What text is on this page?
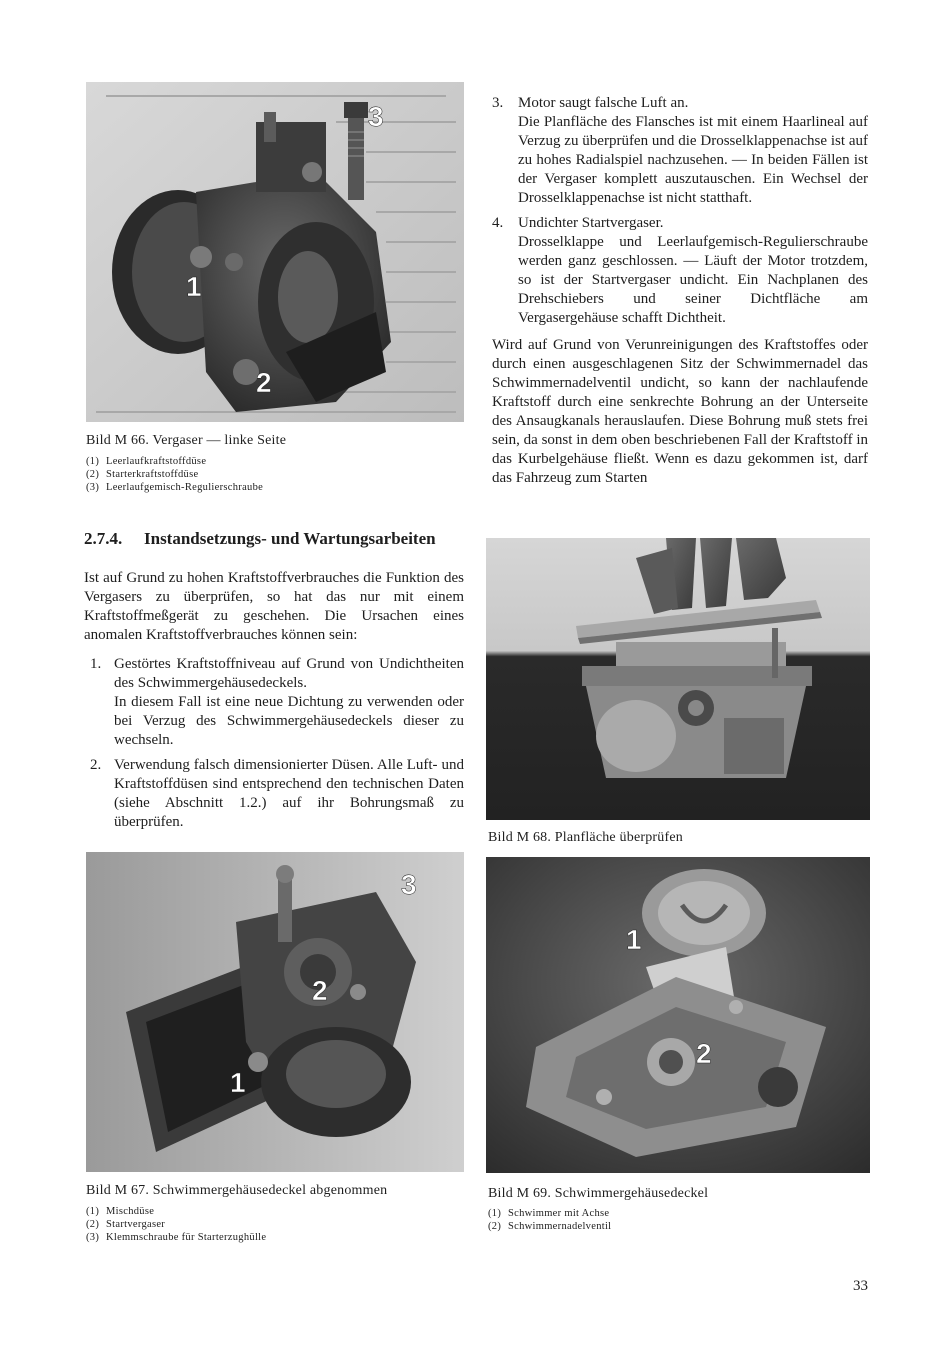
3
1
2

Bild M 66. Vergaser — linke Seite

(1) Leerlaufkraftstoffdüse

(2) Starterkraftstoffdüse

(3) Leerlaufgemisch-Regulierschraube

2.7.4. Instandsetzungs- und Wartungsarbeiten

Ist auf Grund zu hohen Kraftstoffverbrauches die Funktion des Vergasers zu überprüfen, so hat das nur mit einem Kraftstoffmeßgerät zu geschehen. Die Ursachen eines anomalen Kraftstoffverbrauches können sein:

1. Gestörtes Kraftstoffniveau auf Grund von Undichtheiten des Schwimmergehäusedeckels.
In diesem Fall ist eine neue Dichtung zu verwenden oder bei Verzug des Schwimmergehäusedeckels dieser zu wechseln.
2. Verwendung falsch dimensionierter Düsen. Alle Luft- und Kraftstoffdüsen sind entsprechend den technischen Daten (siehe Abschnitt 1.2.) auf ihr Bohrungsmaß zu überprüfen.
3
2
1

Bild M 67. Schwimmergehäusedeckel abgenommen

(1) Mischdüse

(2) Startvergaser

(3) Klemmschraube für Starterzughülle

3. Motor saugt falsche Luft an.
Die Planfläche des Flansches ist mit einem Haarlineal auf Verzug zu überprüfen und die Drosselklappenachse ist auf zu hohes Radialspiel nachzusehen. — In beiden Fällen ist der Vergaser komplett auszutauschen. Ein Wechsel der Drosselklappenachse ist nicht statthaft.
4. Undichter Startvergaser.
Drosselklappe und Leerlaufgemisch-Regulierschraube werden ganz geschlossen. — Läuft der Motor trotzdem, so ist der Startvergaser undicht. Ein Nachplanen des Drehschiebers und seiner Dichtfläche am Vergasergehäuse schafft Dichtheit.

Wird auf Grund von Verunreinigungen des Kraftstoffes oder durch einen ausgeschlagenen Sitz der Schwimmernadel das Schwimmernadelventil undicht, so kann der nachlaufende Kraftstoff durch eine senkrechte Bohrung an der Unterseite des Ansaugkanals herauslaufen. Diese Bohrung muß stets frei sein, da sonst in dem oben beschriebenen Fall der Kraftstoff in das Kurbelgehäuse fließt. Wenn es dazu gekommen ist, darf das Fahrzeug zum Starten

Bild M 68. Planfläche überprüfen

1
2

Bild M 69. Schwimmergehäusedeckel

(1) Schwimmer mit Achse

(2) Schwimmernadelventil

33
